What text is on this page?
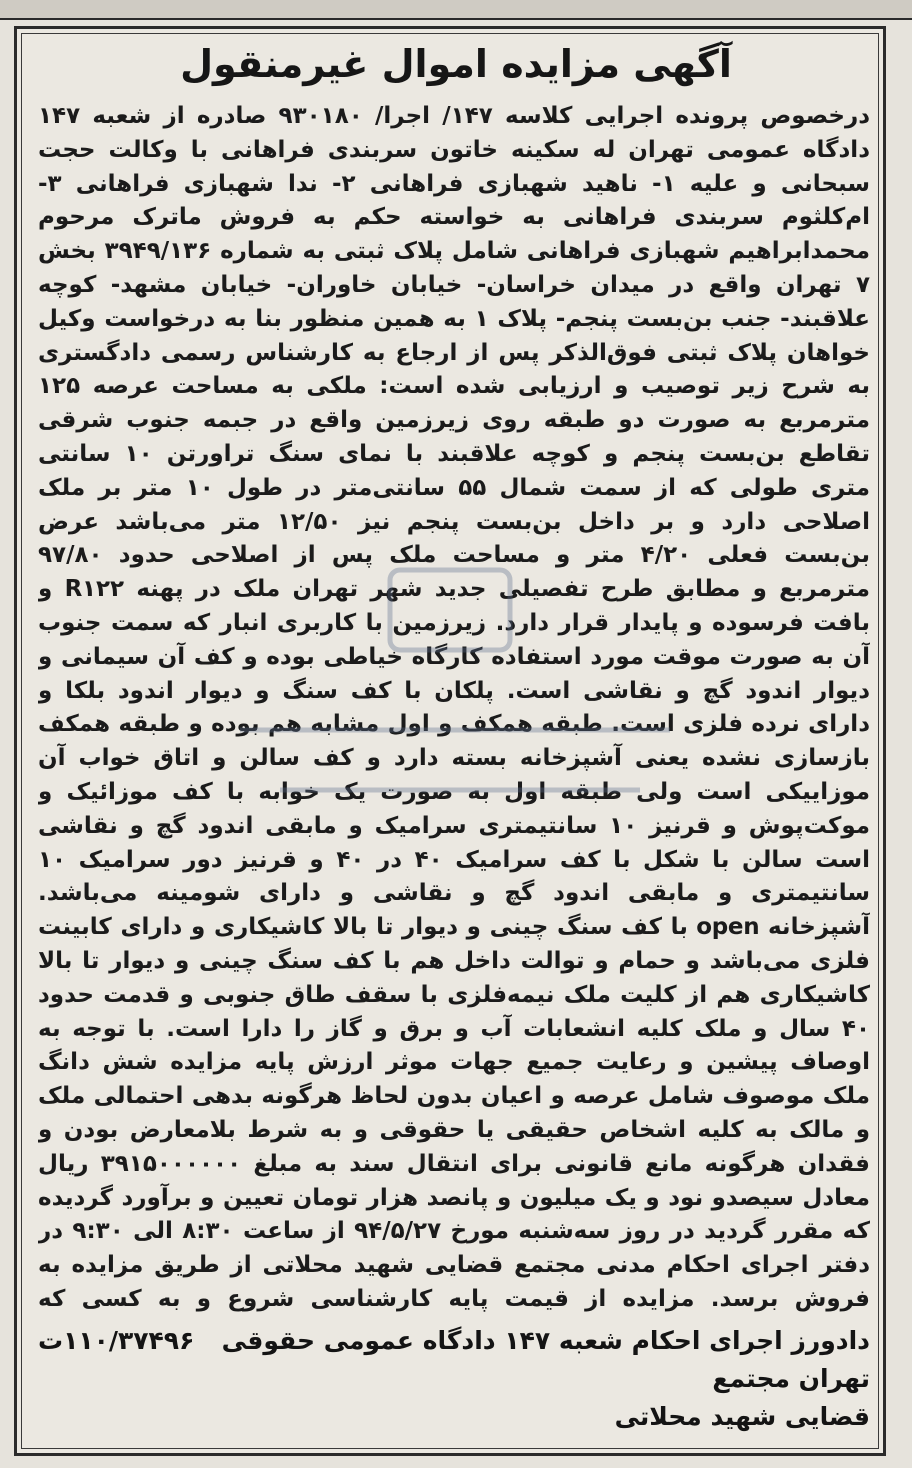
آگهی مزایده اموال غیرمنقول
درخصوص پرونده اجرایی کلاسه ۱۴۷/ اجرا/ ۹۳۰۱۸۰ صادره از شعبه ۱۴۷ دادگاه عمومی تهران له سکینه خاتون سربندی فراهانی با وکالت حجت سبحانی و علیه ۱- ناهید شهبازی فراهانی ۲- ندا شهبازی فراهانی ۳- ام‌کلثوم سربندی فراهانی به خواسته حکم به فروش ماترک مرحوم محمدابراهیم شهبازی فراهانی شامل پلاک ثبتی به شماره ۳۹۴۹/۱۳۶ بخش ۷ تهران واقع در میدان خراسان- خیابان خاوران- خیابان مشهد- کوچه علاقبند- جنب بن‌بست پنجم- پلاک ۱ به همین منظور بنا به درخواست وکیل خواهان پلاک ثبتی فوق‌الذکر پس از ارجاع به کارشناس رسمی دادگستری به شرح زیر توصیب و ارزیابی شده است: ملکی به مساحت عرصه ۱۲۵ مترمربع به صورت دو طبقه روی زیرزمین واقع در جبمه جنوب شرقی تقاطع بن‌بست پنجم و کوچه علاقبند با نمای سنگ تراورتن ۱۰ سانتی متری طولی که از سمت شمال ۵۵ سانتی‌متر در طول ۱۰ متر بر ملک اصلاحی دارد و بر داخل بن‌بست پنجم نیز ۱۲/۵۰ متر می‌باشد عرض بن‌بست فعلی ۴/۲۰ متر و مساحت ملک پس از اصلاحی حدود ۹۷/۸۰ مترمربع و مطابق طرح تفصیلی جدید شهر تهران ملک در پهنه R۱۲۲ و بافت فرسوده و پایدار قرار دارد. زیرزمین با کاربری انبار که سمت جنوب آن به صورت موقت مورد استفاده کارگاه خیاطی بوده و کف آن سیمانی و دیوار اندود گچ و نقاشی است. پلکان با کف سنگ و دیوار اندود بلکا و دارای نرده فلزی است. طبقه همکف و اول مشابه هم بوده و طبقه همکف بازسازی نشده یعنی آشپزخانه بسته دارد و کف سالن و اتاق خواب آن موزاییکی است ولی طبقه اول به صورت یک خوابه با کف موزائیک و موکت‌پوش و قرنیز ۱۰ سانتیمتری سرامیک و مابقی اندود گچ و نقاشی است سالن با شکل با کف سرامیک ۴۰ در ۴۰ و قرنیز دور سرامیک ۱۰ سانتیمتری و مابقی اندود گچ و نقاشی و دارای شومینه می‌باشد. آشپزخانه open با کف سنگ چینی و دیوار تا بالا کاشیکاری و دارای کابینت فلزی می‌باشد و حمام و توالت داخل هم با کف سنگ چینی و دیوار تا بالا کاشیکاری هم از کلیت ملک نیمه‌فلزی با سقف طاق جنوبی و قدمت حدود ۴۰ سال و ملک کلیه انشعابات آب و برق و گاز را دارا است. با توجه به اوصاف پیشین و رعایت جمیع جهات موثر ارزش پایه مزایده شش دانگ ملک موصوف شامل عرصه و اعیان بدون لحاظ هرگونه بدهی احتمالی ملک و مالک به کلیه اشخاص حقیقی یا حقوقی و به شرط بلامعارض بودن و فقدان هرگونه مانع قانونی برای انتقال سند به مبلغ ۳۹۱۵۰۰۰۰۰۰ ریال معادل سیصدو نود و یک میلیون و پانصد هزار تومان تعیین و برآورد گردیده که مقرر گردید در روز سه‌شنبه مورخ ۹۴/۵/۲۷ از ساعت ۸:۳۰ الی ۹:۳۰ در دفتر اجرای احکام مدنی مجتمع قضایی شهید محلاتی از طریق مزایده به فروش برسد. مزایده از قیمت پایه کارشناسی شروع و به کسی که
دادورز اجرای احکام شعبه ۱۴۷ دادگاه عمومی حقوقی تهران مجتمع
۱۱۰/۳۷۴۹۶ت
قضایی شهید محلاتی
